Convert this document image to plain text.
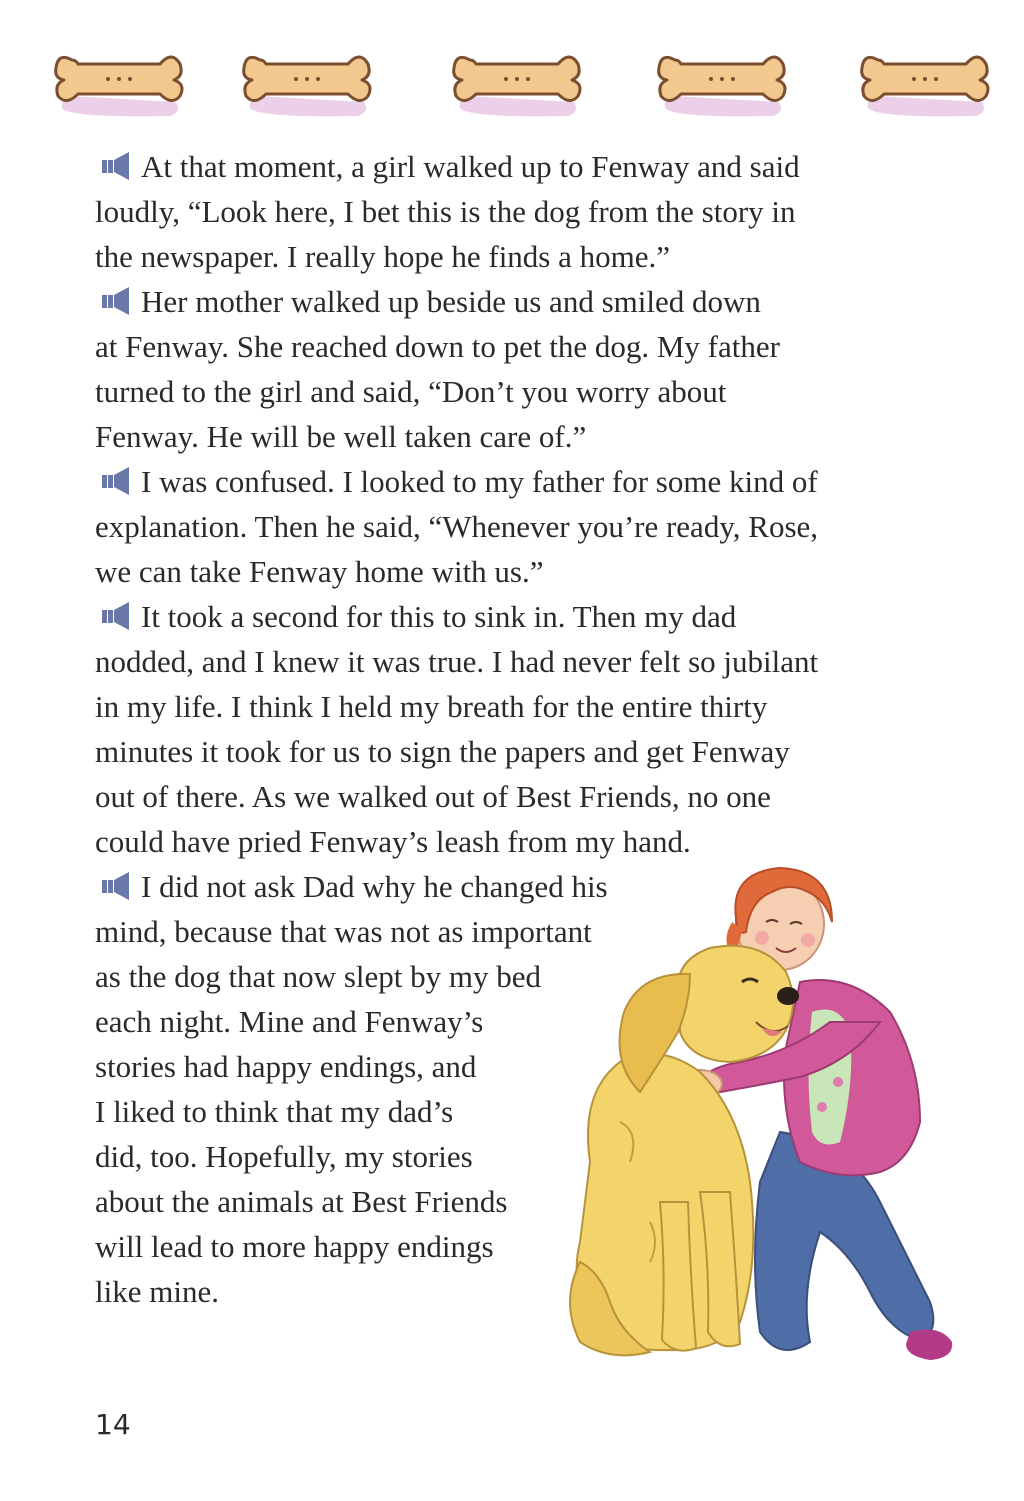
At that moment, a girl walked up to Fenway and said
loudly, “Look here, I bet this is the dog from the story in
the newspaper. I really hope he finds a home.”

Her mother walked up beside us and smiled down
at Fenway. She reached down to pet the dog. My father
turned to the girl and said, “Don’t you worry about
Fenway. He will be well taken care of.”

I was confused. I looked to my father for some kind of
explanation. Then he said, “Whenever you’re ready, Rose,
we can take Fenway home with us.”

It took a second for this to sink in. Then my dad
nodded, and I knew it was true. I had never felt so jubilant
in my life. I think I held my breath for the entire thirty
minutes it took for us to sign the papers and get Fenway
out of there. As we walked out of Best Friends, no one
could have pried Fenway’s leash from my hand.

I did not ask Dad why he changed his
mind, because that was not as important
as the dog that now slept by my bed
each night. Mine and Fenway’s
stories had happy endings, and
I liked to think that my dad’s
did, too. Hopefully, my stories
about the animals at Best Friends
will lead to more happy endings
like mine.

14
